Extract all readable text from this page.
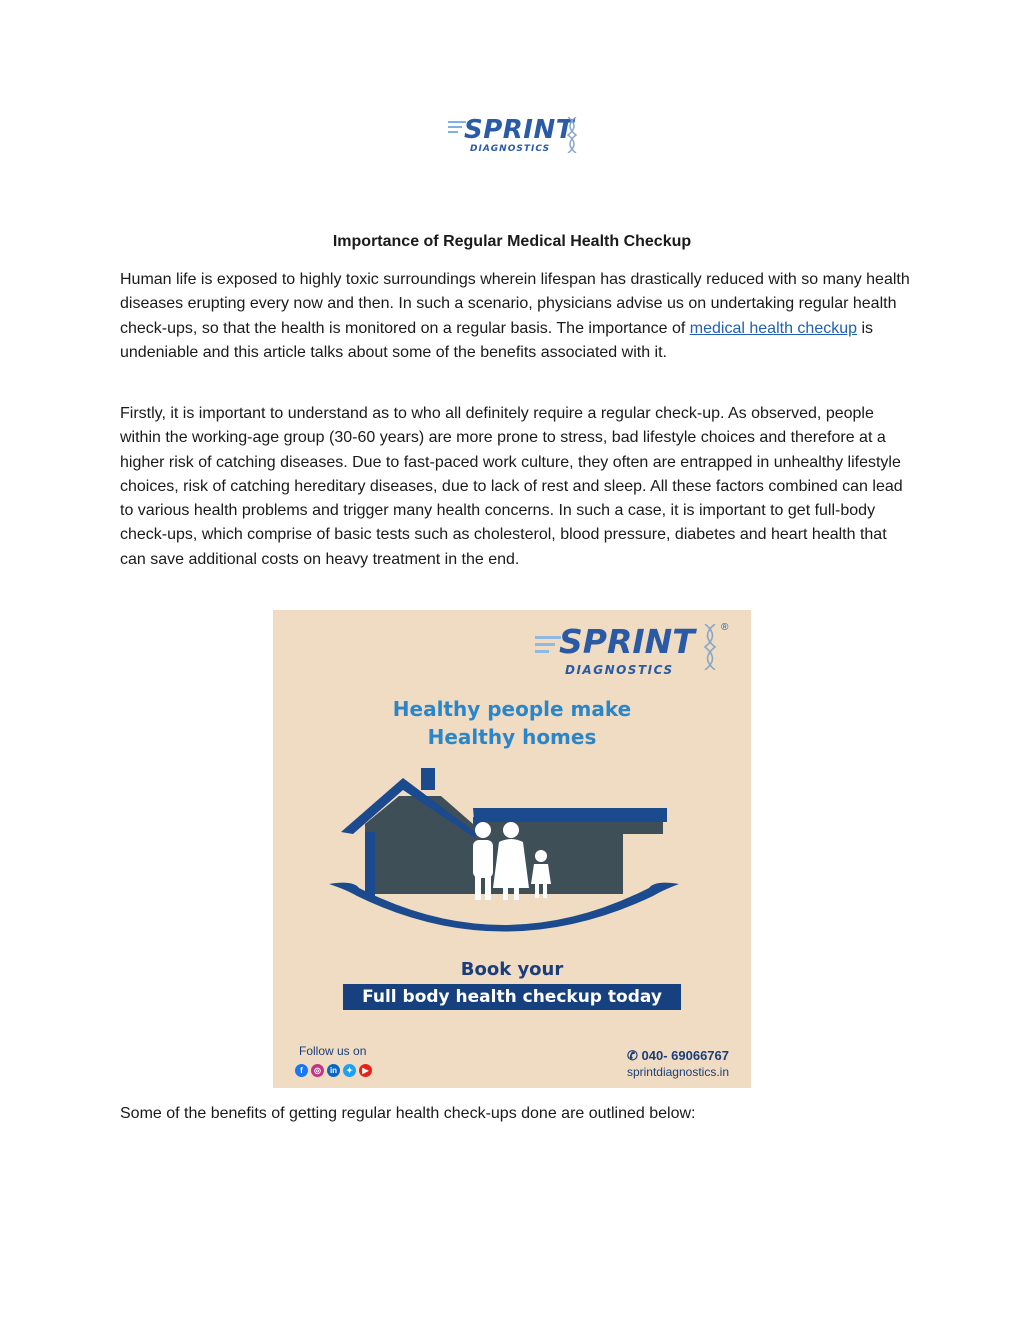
SPRINT
DIAGNOSTICS
Importance of Regular Medical Health Checkup

Human life is exposed to highly toxic surroundings wherein lifespan has drastically reduced with so many health diseases erupting every now and then. In such a scenario, physicians advise us on undertaking regular health check-ups, so that the health is monitored on a regular basis. The importance of medical health checkup is undeniable and this article talks about some of the benefits associated with it.

Firstly, it is important to understand as to who all definitely require a regular check-up. As observed, people within the working-age group (30-60 years) are more prone to stress, bad lifestyle choices and therefore at a higher risk of catching diseases. Due to fast-paced work culture, they often are entrapped in unhealthy lifestyle choices, risk of catching hereditary diseases, due to lack of rest and sleep. All these factors combined can lead to various health problems and trigger many health concerns. In such a case, it is important to get full-body check-ups, which comprise of basic tests such as cholesterol, blood pressure, diabetes and heart health that can save additional costs on heavy treatment in the end.

SPRINT
DIAGNOSTICS
®
Healthy people make
Healthy homes
Book your
Full body health checkup today
Follow us on
f ◎ in ✦ ▶
✆ 040- 69066767
sprintdiagnostics.in

Some of the benefits of getting regular health check-ups done are outlined below:
